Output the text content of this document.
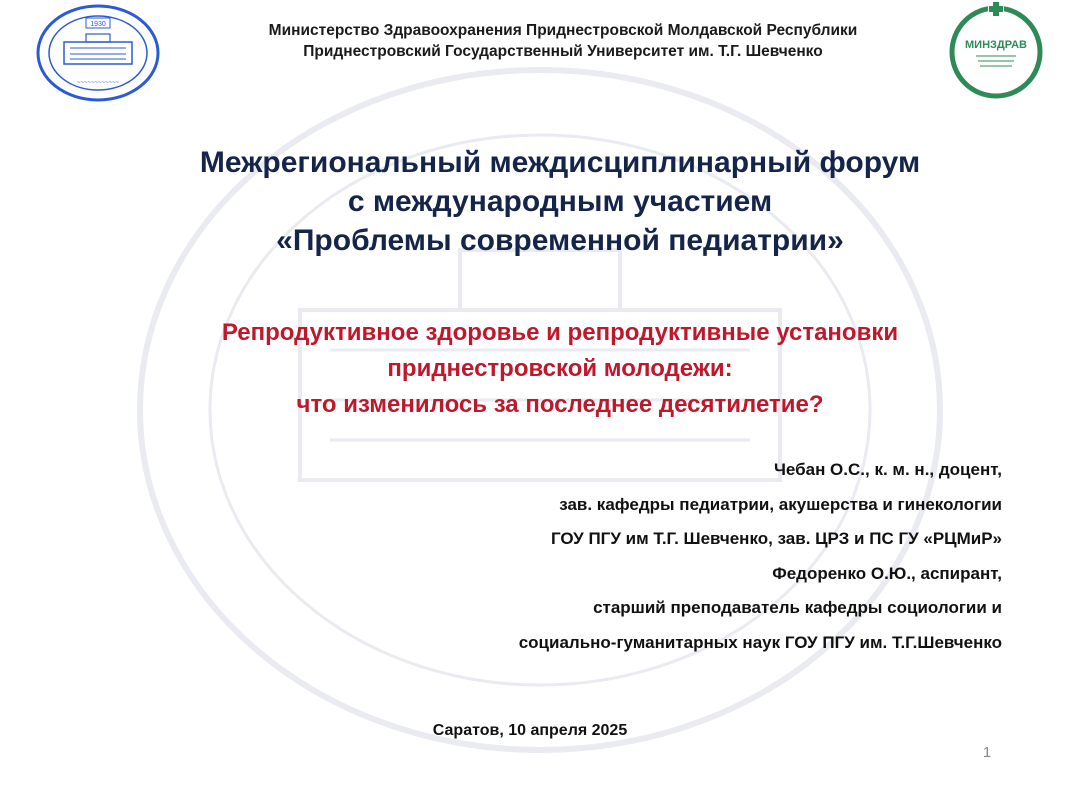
1930
~~~~~~~~~~~~
МИНЗДРАВ
Министерство Здравоохранения Приднестровской Молдавской Республики
Приднестровский Государственный Университет им. Т.Г. Шевченко
Межрегиональный междисциплинарный форум
с международным участием
«Проблемы современной педиатрии»
Репродуктивное здоровье и репродуктивные установки
приднестровской молодежи:
что изменилось за последнее десятилетие?
Чебан О.С., к. м. н., доцент,
зав. кафедры педиатрии, акушерства и гинекологии
ГОУ ПГУ им Т.Г. Шевченко, зав. ЦРЗ и ПС ГУ «РЦМиР»
Федоренко О.Ю., аспирант,
старший преподаватель кафедры социологии и
социально-гуманитарных наук ГОУ ПГУ им. Т.Г.Шевченко
Саратов, 10 апреля 2025
1
